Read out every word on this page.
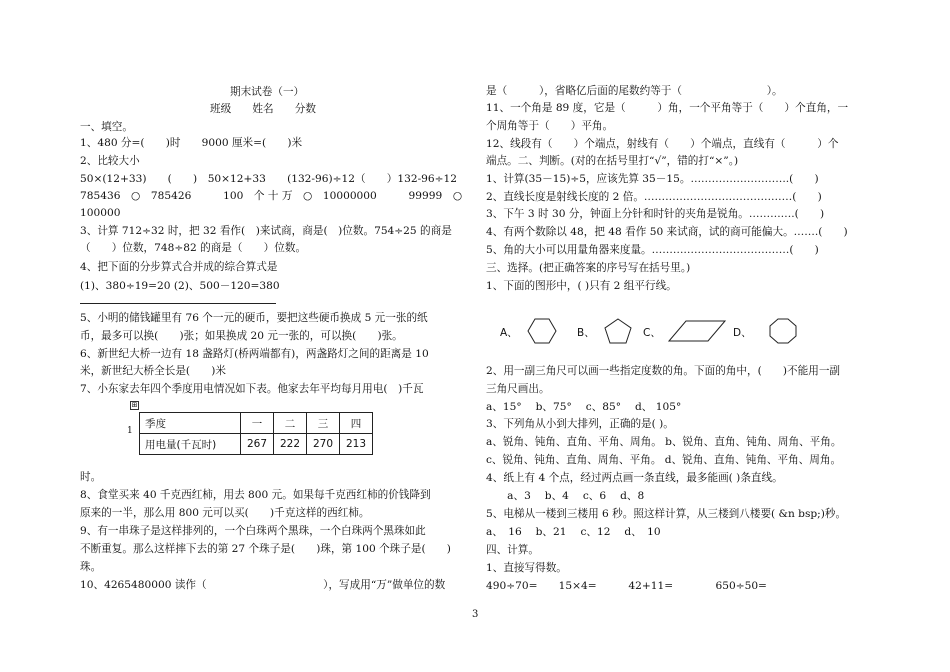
期末试卷（一）
班级　　姓名　　分数
一、填空。
1、480 分=(　　)时　　9000 厘米=(　　)米
2、比较大小
50×(12+33)　　(　　)　50×12+33　　(132-96)÷12（　　）132-96÷12
785436　○　785426　　　100　个 十 万　○　10000000　　　99999　○
100000
3、计算 712÷32 时，把 32 看作(　)来试商，商是(　)位数。754÷25 的商是
（　　）位数，748÷82 的商是（　　）位数。
4、把下面的分步算式合并成的综合算式是
(1)、380÷19=20 (2)、500－120=380
5、小明的储钱罐里有 76 个一元的硬币，要把这些硬币换成 5 元一张的纸
币，最多可以换(　　)张；如果换成 20 元一张的，可以换(　　)张。
6、新世纪大桥一边有 18 盏路灯(桥两端都有)，两盏路灯之间的距离是 10
米，新世纪大桥全长是(　　)米
7、小东家去年四个季度用电情况如下表。他家去年平均每月用电(　)千瓦
⊞
1
季度	一	二	三	四
用电量(千瓦时)	267	222	270	213
时。
8、食堂买来 40 千克西红柿，用去 800 元。如果每千克西红柿的价钱降到
原来的一半，那么用 800 元可以买(　　)千克这样的西红柿。
9、有一串珠子是这样排列的，一个白珠两个黑珠，一个白珠两个黑珠如此
不断重复。那么这样摔下去的第 27 个珠子是(　　)珠，第 100 个珠子是(　　)
珠。
10、4265480000 读作（　　　　　　　　　　　），写成用“万”做单位的数
是（　　　），省略亿后面的尾数约等于（　　　　　　　　）。
11、一个角是 89 度，它是（　　　）角，一个平角等于（　　）个直角，一
个周角等于（　　）平角。
12、线段有（　　）个端点，射线有（　　）个端点，直线有（　　　）个
端点。二、判断。(对的在括号里打“√”，错的打“×”。)
1、计算(35－15)÷5，应该先算 35－15。……………………….(　　)
2、直线长度是射线长度的 2 倍。……………………………………(　　)
3、下午 3 时 30 分，钟面上分针和时针的夹角是锐角。………….(　　)
4、有两个数除以 48，把 48 看作 50 来试商，试的商可能偏大。…….(　　)
5、角的大小可以用量角器来度量。…………………………………(　　)
三、选择。(把正确答案的序号写在括号里。)
1、下面的图形中，( )只有 2 组平行线。
A、	B、	C、	D、
2、用一副三角尺可以画一些指定度数的角。下面的角中，(　　)不能用一副
三角尺画出。
a、15°　 b、75°　 c、85°　 d、 105°
3、下列角从小到大排列，正确的是( )。
a、锐角、钝角、直角、平角、周角。 b、锐角、直角、钝角、周角、平角。
c、锐角、钝角、直角、周角、平角。 d、锐角、直角、钝角、平角、周角。
4、纸上有 4 个点，经过两点画一条直线，最多能画( )条直线。
　　a、3　 b、4　 c、6　 d、8
5、电梯从一楼到三楼用 6 秒。照这样计算，从三楼到八楼要( &n bsp;)秒。
a、　16　 b、21　 c、12　 d、　10
四、计算。
1、直接写得数。
490÷70=　　15×4=　　　42+11=　　　　650÷50=
3
